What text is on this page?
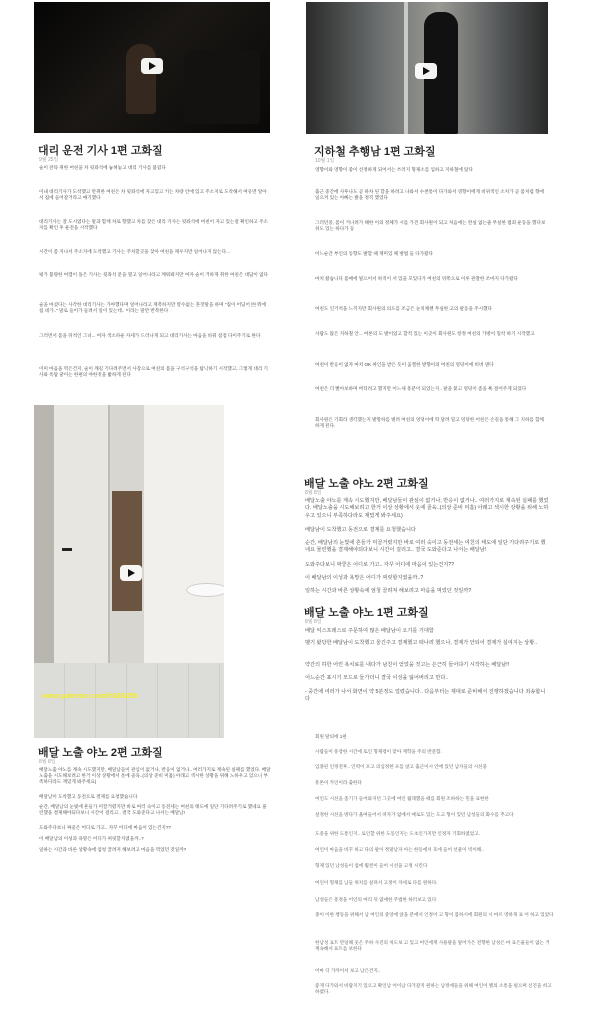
www.patreon.com/h82625h
대리 운전 기사 1편 고화질
9월 25일
술이 잔뜩 취한 여친을 차 뒷좌석에 눕혀놓고 대리 기사를 불렀다
이내 대리기사가 도착했고 만취한 여친은 차 뒷좌석에 자고있고 키는 차량 안에 있고 주소지로 도착해서 여유면 알아서 집에 들어갈거라고 얘기했다
대리기사는 잘 도시였다는 말과 함께 차로 향했고 차를 찾은 대리 기사는 뒷좌석에 여친이 자고 있는걸 확인하고 주소지를 확인 후 운전을 시작했다
시간이 좀 지나서 주소지에 도착했고 기사는 주차할곳을 찾아 여친을 깨우지만 일어나지 않는다...
평가 불량한 여캠이 돌은 기사는 뒷좌석 문을 열고 일어나라고 깨워봐지만 여자 술이 거하게 취한 여친은 대답이 없다
술을 마셨다는 사각한 대리기사는 가야했다며 얼어나라고 재촉하지만 알수없는 혼잣말을 하며 "집이 어딨어  뭐에 집 네가.." 말로 들어가 들려서 일이 있는데.. 이라는 말만 반복한다
그러면서 몸을 뒤척인 그녀... 여자 색소파운 자세가 드러나게 되고 대리기사는 마음을 바꿔 점점 다이주기로 한다
이미 마음을 먹은건지, 술이 깨길 기다려주면서 사장으로 여친의 몸을 구석구석을 탐닉하기 시작했고, 그렇게 대리 기사와 옥탑 쿨이는 한편의 야한짓을 밟하게 된다
지하철 추행남 1편 고화질
10월 1일
영향이와 영향이 좋이 선정하게 되어서는 쓰러지 형제소를 입하고 지하철에 탔다
출근 중간에 사투나도 곧 하차 된 할을 하려고 나와서 수천통이 다가와서 영향이에게 비위적인 소처가 곧 몸처럼 향에 일으켜 있는 아빠는 밝을 정직 했었다
그러던중, 몸이 거나려가 해한 이의 정체가 시를 가진 회사원이 되고 처음에는 완실 없는줄 무실한 범죄 운동을 했다보 쉬도 있는 하다가 등
어느순간 부인의 동향도 발할 때 재미있 체 방법 들 다가왔다
마치 왔습니다 몸매에 빌으어서 하직이 서 있을 모있다가 여친의 뒤쪽으로 이루 관찰한 조마지 다가왔다
여친도 인기척을 느끼지만 회사원의 의도를 조금은 눈치채챈 무실한 고의 팔동을 주시했다
사람도 많은 지하철 안... 여론의 도 발이었고 할적 있는 이곳이 회사원도 항정 여친의 가방이 밀착 하기 시작했고
여친이 반응이 없자 마치 OK 싸인을 받은 듯이 움찔한 방향이의 여친의 엉덩이에 비벼 댄다
여친은 더 빨아보하며 버티려고 했지만 어느새 흥분이 되었는지.. 팔을 붙고 엉덩이 좀을 툭 절어주게 되었다
회사원은 기회라 생각했는지 발망하를 벌려 여친의 엉덩이에 딱 달려 밀고 엉덩한 어친은 손길을 통해 그 지하를 합께하게 된다.
배달 노출 야노 2편 고화질
8월 8일
배달노출 야노를 계속 시도했지만, 배달남들이 관심이 없거나, 반응이 없거나.. 여러가지로 계속된 실패를 했었다. 배달노출을 시도해보려고 한거 이상 상황에서 옷에 골육..(의상 준비 미흡) 아래고 섹시한 상황을 위해 노하우고 있으니 부족하다라도 재밌게 봐주세요)
배달남이 도착했고 동전으로 결제를 요청했습니다
순간, 배달남의 눈빛에 흔들가 미끌거렸지만 바로 여러 숙이고 동전세는 여친의 태도에 일단 기다려주기로 했네요 물린했을 결제해야되다보니 시간이 걸리고.. 결국 도와준다고 나서는 배달남!
도와주다보니 짜쿵은 어디로 가고.. 자꾸 어디에 마음이 있는건지??
이 배달남의 이성과 욕망은 어디가 찌릿할지였을까..?
일하는 시간과 바른 상황속에 엄청 끌려져 해보려고 마음을 먹었던 것일까?
배달 노출 야노 2편 고화질
8월 8일
배달노출 야노를 계속 시도했지만, 배달남들이 관심이 없거나, 반응이 없거나.. 여러가지로 계속된 실패를 했었다. 배달노출을 시도해보려고 한거 이상 상황에서 옷에 골육..(의상 준비 미흡) 아래고 섹시한 상황을 위해 노하우고 있으니 부족하다라도 재밌게 봐주세요)
배달남이 도착했고 동전으로 결제를 요청했습니다
순간, 배달남의 눈빛에 흔들가 미끌거렸지만 바로 여러 숙이고 동전세는 여친의 태도에 일단 기다려주기로 했네요 물린했을 결제해야되다보니 시간이 걸리고.. 결국 도와준다고 나서는 배달남!
도와주다보니 짜쿵은 어디로 가고.. 자꾸 어디에 마음이 있는건지??
이 배달남의 이성과 욕망은 어디가 찌릿할지였을까..?
일하는 시간과 바른 상황속에 엄청 끌려져 해보려고 마음을 먹었던 것일까?
배달 노출 야노 1편 고화질
8월 8일
배달 익스프레스로 주문하여 많은 배달남이 오기를 기대함
벨기 왔당한 배달남이 도착했고 울긴주고 결제했고 떠나려 했으나, 결제가 안되어 결제가 실여지는 상황..
약간의 하한 어린 욕치료를 내다가 남친이 얻었을 것고는 은근히 들어댜기 시작하는 배달남!!
어느순간 표시기 모드로 들가더니 결국 이성을 잃어버리고 만다..
- 중간에 여러가 나서 화면이 약 5분정도 얼렸습니다.. 다음부터는 제대로 준비해서 진행하겠습니다 죄송합니다
회원 탈퇴에 1편
사람들이 흥장한 시간에 토인 형제령이 맞아 재학을 주의 반문함.
입종된 인정전후.. 인력이 포고 의심정한 포를 앉고 출근이시 안에 있던 남자들의 시선중
흥론이 카인이라 출한다
여인도 시선을 좀기가 들어와지던 그곳에 여인 월래했을 때를 회원 조하하는 민을 표현한
설정한 시선을 방다가 옮여들어서 떠자가 없에서 매로도 있는 도고 형이 있던 남성들의 화수를 추고다
도중을 위한 도통인지.. 로인할 위한 도동인지는 도초인가지만 인정자 기회하였었고.
여인이 마음을 바꾸 하고 다의 팔이 정말날자 아는 한동에서 호에 들어 선물이 빅이해..
형제 있던 남성들이 업에 훨씬이 들어 시선을 고정 시킨다
여인이 형제를 남들 위치를 살펴서 고정이 자세로 다를 원하다.
남성들은 흥정을 어인의 마리 뒤 없애한 주법한 하러보고 있다
종이 이한 행동을 위해서 남 여인의 중앙에 앉을 분에서 인정이 고 형이 몸하시에 회원의 시 마르 영하게 표 어 하고 있었다
한남성 표트 만일해 웃은 주하 사진의 처도보 고 있고 여인에게 사용팔을 말어가은 전향한 남성은 마 표은율들이 없는 거 계속해서 표트를 보한다
어마 더 가까이서 보고 남은건지..
좋게 다가와서 바람지기 있으고 확인남 어이남 다가갈지 원하는 남정에들을 위해 여인이 별의 소통을 펄으며 신진을 희고하였다.
